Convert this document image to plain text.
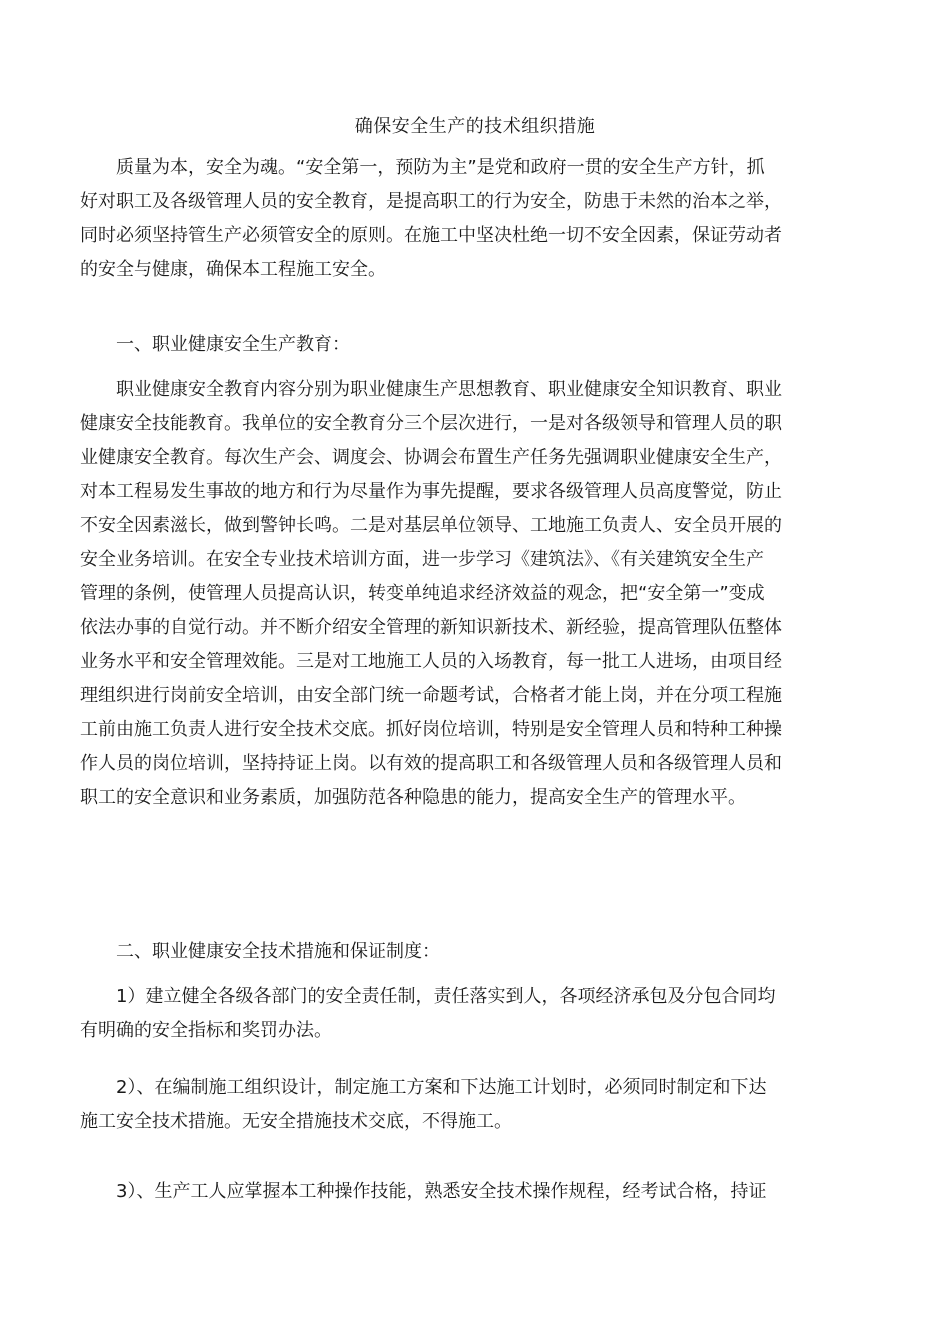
确保安全生产的技术组织措施
　　质量为本，安全为魂。“安全第一，预防为主”是党和政府一贯的安全生产方针，抓
好对职工及各级管理人员的安全教育，是提高职工的行为安全，防患于未然的治本之举，
同时必须坚持管生产必须管安全的原则。在施工中坚决杜绝一切不安全因素，保证劳动者
的安全与健康，确保本工程施工安全。
　　一、职业健康安全生产教育：
　　职业健康安全教育内容分别为职业健康生产思想教育、职业健康安全知识教育、职业
健康安全技能教育。我单位的安全教育分三个层次进行，一是对各级领导和管理人员的职
业健康安全教育。每次生产会、调度会、协调会布置生产任务先强调职业健康安全生产，
对本工程易发生事故的地方和行为尽量作为事先提醒，要求各级管理人员高度警觉，防止
不安全因素滋长，做到警钟长鸣。二是对基层单位领导、工地施工负责人、安全员开展的
安全业务培训。在安全专业技术培训方面，进一步学习《建筑法》、《有关建筑安全生产
管理的条例，使管理人员提高认识，转变单纯追求经济效益的观念，把“安全第一”变成
依法办事的自觉行动。并不断介绍安全管理的新知识新技术、新经验，提高管理队伍整体
业务水平和安全管理效能。三是对工地施工人员的入场教育，每一批工人进场，由项目经
理组织进行岗前安全培训，由安全部门统一命题考试，合格者才能上岗，并在分项工程施
工前由施工负责人进行安全技术交底。抓好岗位培训，特别是安全管理人员和特种工种操
作人员的岗位培训，坚持持证上岗。以有效的提高职工和各级管理人员和各级管理人员和
职工的安全意识和业务素质，加强防范各种隐患的能力，提高安全生产的管理水平。
　　二、职业健康安全技术措施和保证制度：
　　1）建立健全各级各部门的安全责任制，责任落实到人，各项经济承包及分包合同均
有明确的安全指标和奖罚办法。
　　2）、在编制施工组织设计，制定施工方案和下达施工计划时，必须同时制定和下达
施工安全技术措施。无安全措施技术交底，不得施工。
　　3）、生产工人应掌握本工种操作技能，熟悉安全技术操作规程，经考试合格，持证
